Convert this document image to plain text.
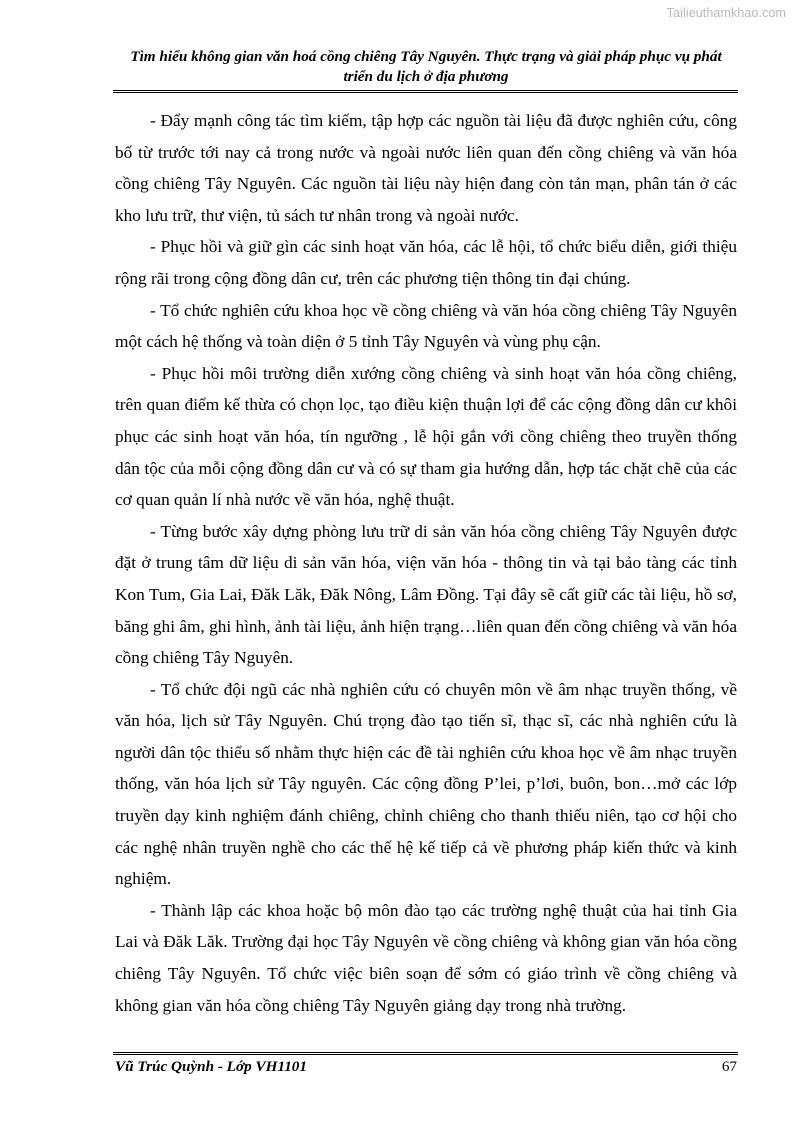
Tailieuthamkhao.com
Tìm hiểu không gian văn hoá cồng chiêng Tây Nguyên. Thực trạng và giải pháp phục vụ phát triển du lịch ở địa phương

- Đẩy mạnh công tác tìm kiếm, tập hợp các nguồn tài liệu đã được nghiên cứu, công bố từ trước tới nay cả trong nước và ngoài nước liên quan đến cồng chiêng và văn hóa cồng chiêng Tây Nguyên. Các nguồn tài liệu này hiện đang còn tản mạn, phân tán ở các kho lưu trữ, thư viện, tủ sách tư nhân trong và ngoài nước.

- Phục hồi và giữ gìn các sinh hoạt văn hóa, các lễ hội, tổ chức biểu diễn, giới thiệu rộng rãi trong cộng đồng dân cư, trên các phương tiện thông tin đại chúng.

- Tổ chức nghiên cứu khoa học về cồng chiêng và văn hóa cồng chiêng Tây Nguyên một cách hệ thống và toàn diện ở 5 tỉnh Tây Nguyên và vùng phụ cận.

- Phục hồi môi trường diễn xướng cồng chiêng và sinh hoạt văn hóa cồng chiêng, trên quan điểm kế thừa có chọn lọc, tạo điều kiện thuận lợi để các cộng đồng dân cư khôi phục các sinh hoạt văn hóa, tín ngưỡng , lễ hội gắn với cồng chiêng theo truyền thống dân tộc của mỗi cộng đồng dân cư và có sự tham gia hướng dẫn, hợp tác chặt chẽ của các cơ quan quản lí nhà nước về văn hóa, nghệ thuật.

- Từng bước xây dựng phòng lưu trữ di sản văn hóa cồng chiêng Tây Nguyên được đặt ở trung tâm dữ liệu di sản văn hóa, viện văn hóa - thông tin và tại bảo tàng các tỉnh Kon Tum, Gia Lai, Đăk Lăk, Đăk Nông, Lâm Đồng. Tại đây sẽ cất giữ các tài liệu, hồ sơ, băng ghi âm, ghi hình, ảnh tài liệu, ảnh hiện trạng…liên quan đến cồng chiêng và văn hóa cồng chiêng Tây Nguyên.

- Tổ chức đội ngũ các nhà nghiên cứu có chuyên môn về âm nhạc truyền thống, về văn hóa, lịch sử Tây Nguyên. Chú trọng đào tạo tiến sĩ, thạc sĩ, các nhà nghiên cứu là người dân tộc thiểu số nhằm thực hiện các đề tài nghiên cứu khoa học về âm nhạc truyền thống, văn hóa lịch sử Tây nguyên. Các cộng đồng P’lei, p’lơi, buôn, bon…mở các lớp truyền dạy kinh nghiệm đánh chiêng, chỉnh chiêng cho thanh thiếu niên, tạo cơ hội cho các nghệ nhân truyền nghề cho các thế hệ kế tiếp cả về phương pháp kiến thức và kinh nghiệm.

- Thành lập các khoa hoặc bộ môn đào tạo các trường nghệ thuật của hai tỉnh Gia Lai và Đăk Lăk. Trường đại học Tây Nguyên về cồng chiêng và không gian văn hóa cồng chiêng Tây Nguyên. Tổ chức việc biên soạn để sớm có giáo trình về cồng chiêng và không gian văn hóa cồng chiêng Tây Nguyên giảng dạy trong nhà trường.

Vũ Trúc Quỳnh - Lớp VH1101	67
